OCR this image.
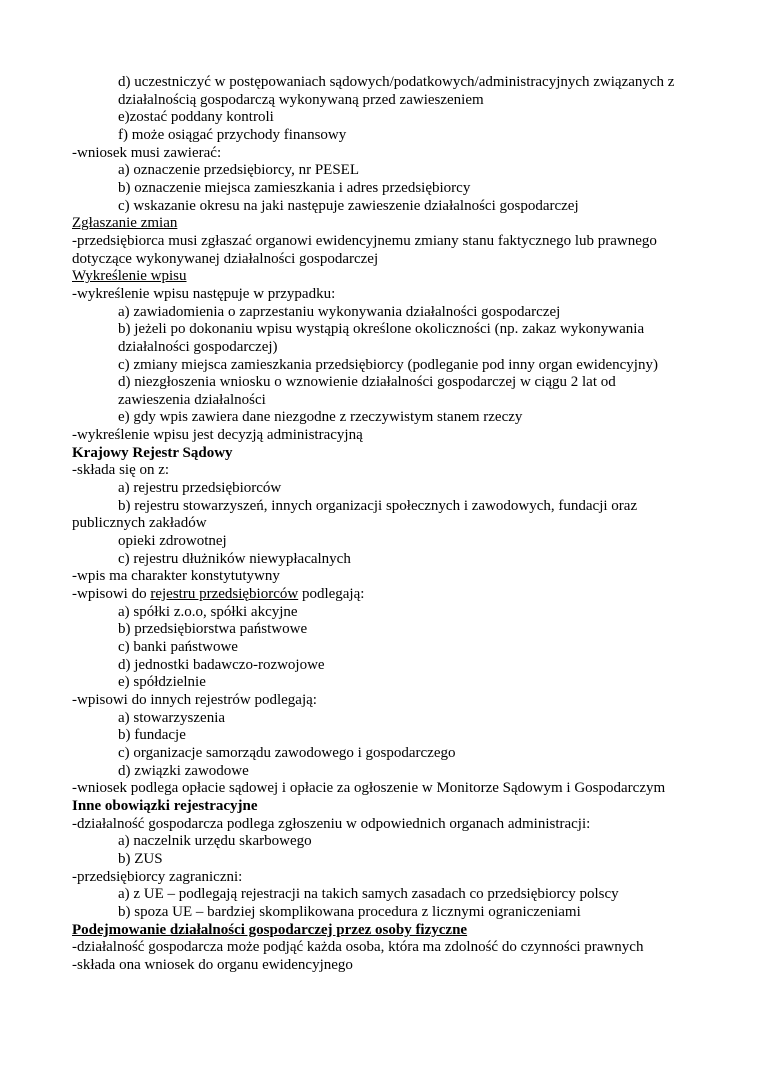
d) uczestniczyć w postępowaniach sądowych/podatkowych/administracyjnych związanych z
działalnością gospodarczą wykonywaną przed zawieszeniem
e)zostać poddany kontroli
f) może osiągać przychody finansowy
-wniosek musi zawierać:
a) oznaczenie przedsiębiorcy, nr PESEL
b) oznaczenie miejsca zamieszkania i adres przedsiębiorcy
c) wskazanie okresu na jaki następuje zawieszenie działalności gospodarczej
Zgłaszanie zmian
-przedsiębiorca musi zgłaszać organowi ewidencyjnemu zmiany stanu faktycznego lub prawnego
dotyczące wykonywanej działalności gospodarczej
Wykreślenie wpisu
-wykreślenie wpisu następuje w przypadku:
a) zawiadomienia o zaprzestaniu wykonywania działalności gospodarczej
b) jeżeli po dokonaniu wpisu wystąpią określone okoliczności (np. zakaz wykonywania
działalności gospodarczej)
c) zmiany miejsca zamieszkania przedsiębiorcy (podleganie pod inny organ ewidencyjny)
d) niezgłoszenia wniosku o wznowienie działalności gospodarczej w ciągu 2 lat od
zawieszenia działalności
e) gdy wpis zawiera dane niezgodne z rzeczywistym stanem rzeczy
-wykreślenie wpisu jest decyzją administracyjną
Krajowy Rejestr Sądowy
-składa się on z:
a) rejestru przedsiębiorców
b) rejestru stowarzyszeń, innych organizacji społecznych i zawodowych, fundacji oraz
publicznych zakładów
opieki zdrowotnej
c) rejestru dłużników niewypłacalnych
-wpis ma charakter konstytutywny
-wpisowi do rejestru przedsiębiorców podlegają:
a) spółki z.o.o, spółki akcyjne
b) przedsiębiorstwa państwowe
c) banki państwowe
d) jednostki badawczo-rozwojowe
e) spółdzielnie
-wpisowi do innych rejestrów podlegają:
a) stowarzyszenia
b) fundacje
c) organizacje samorządu zawodowego i gospodarczego
d) związki zawodowe
-wniosek podlega opłacie sądowej i opłacie za ogłoszenie w Monitorze Sądowym i Gospodarczym
Inne obowiązki rejestracyjne
-działalność gospodarcza podlega zgłoszeniu w odpowiednich organach administracji:
a) naczelnik urzędu skarbowego
b) ZUS
-przedsiębiorcy zagraniczni:
a) z UE – podlegają rejestracji na takich samych zasadach co przedsiębiorcy polscy
b) spoza UE – bardziej skomplikowana procedura z licznymi ograniczeniami
Podejmowanie działalności gospodarczej przez osoby fizyczne
-działalność gospodarcza może podjąć każda osoba, która ma zdolność do czynności prawnych
-składa ona wniosek do organu ewidencyjnego
